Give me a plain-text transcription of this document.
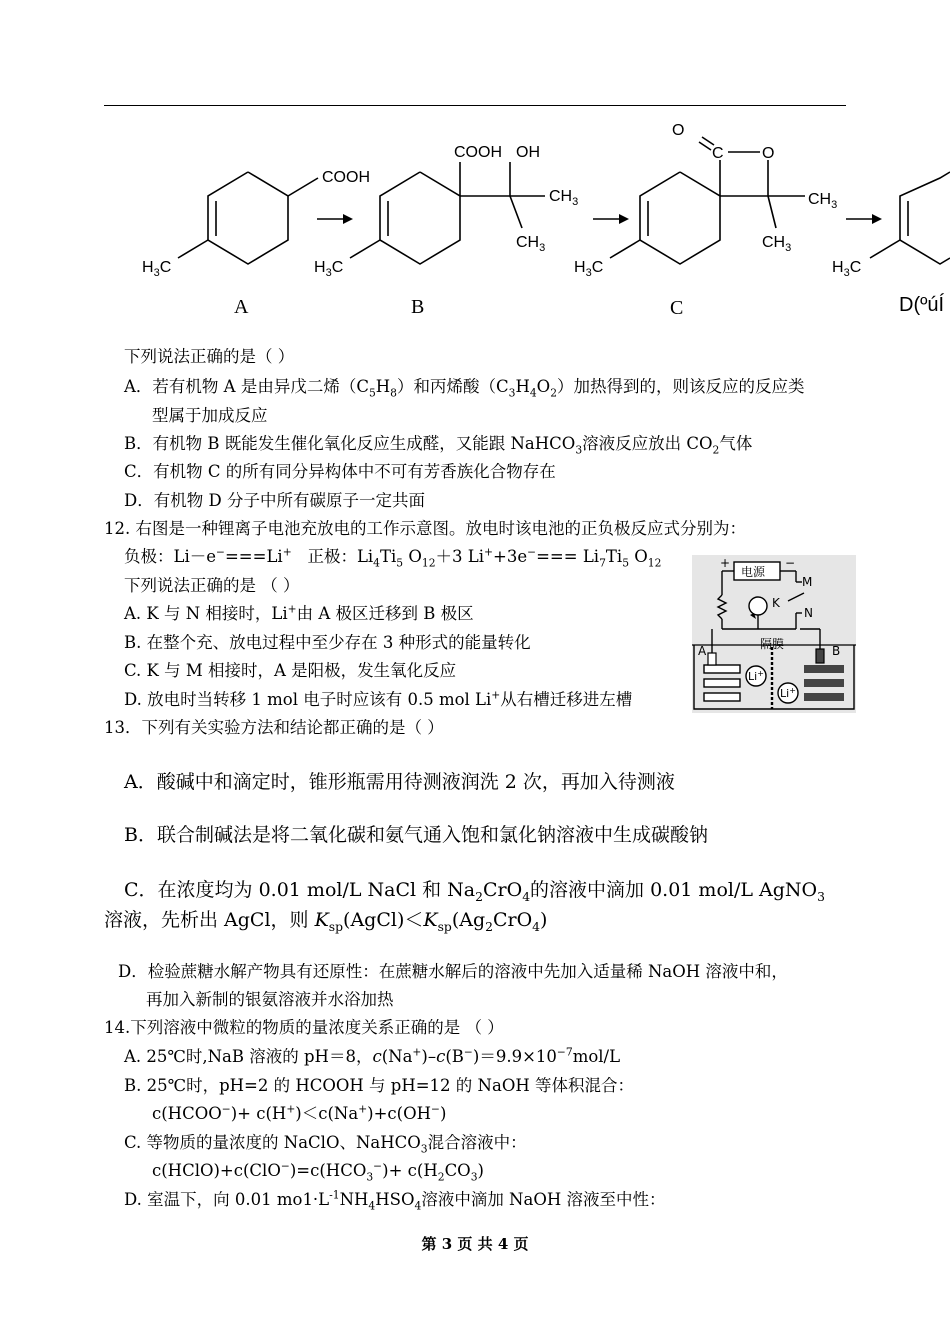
COOH
$H_3C$
COOH OH
$CH_3$
$CH_3$
$H_3C$
O
C O
$CH_3$
$CH_3$
$H_3C$	$H_3C$
A	B	C	D(ºúÍ
下列说法正确的是（ ）
A．若有机物 A 是由异戊二烯$(C_5H_8)$和丙烯酸$(C_3H_4O_2)$加热得到的，则该反应的反应类
型属于加成反应
B．有机物 B 既能发生催化氧化反应生成醛，又能跟 NaHCO$_3$溶液反应放出 $CO_2$气体
C．有机物 C 的所有同分异构体中不可有芳香族化合物存在
D．有机物 D 分子中所有碳原子一定共面
12. 右图是一种锂离子电池充放电的工作示意图。放电时该电池的正负极反应式分别为：
负极：Li－e−===Li+ 正极：$Li_4Ti_5$ $O_{12}+3$ $Li^++3e^-=== Li_7Ti_5$ $O_{12}$
下列说法正确的是 （ ）
A. K 与 N 相接时，Li+由 A 极区迁移到 B 极区
B. 在整个充、放电过程中至少存在 3 种形式的能量转化
C. K 与 M 相接时，A 是阳极，发生氧化反应
D. 放电时当转移 1 mol 电子时应该有 0.5 mol Li+从右槽迁移进左槽
电源
+	−
M
K
N
隔膜
A	B
Li+
Li+
13．下列有关实验方法和结论都正确的是（ ）
A．酸碱中和滴定时，锥形瓶需用待测液润洗 2 次，再加入待测液
B．联合制碱法是将二氧化碳和氨气通入饱和氯化钠溶液中生成碳酸钠
C．在浓度均为 0.01 mol/L NaCl 和 $Na_2CrO_4$的溶液中滴加 0.01 mol/L AgNO$_3$
溶液，先析出 AgCl，则 $K_{sp}(AgCl)<K_{sp}(Ag_2CrO_4)$
D．检验蔗糖水解产物具有还原性：在蔗糖水解后的溶液中先加入适量稀 NaOH 溶液中和，
再加入新制的银氨溶液并水浴加热
14.下列溶液中微粒的物质的量浓度关系正确的是 （ ）
A. 25℃时,NaB 溶液的 pH＝8，$c(Na^+)-c(B^-)=9.9\times 10^{-7}mol/L$
B. 25℃时，pH=2 的 HCOOH 与 pH=12 的 NaOH 等体积混合：
c(HCOO−)+ c(H+)＜c(Na+)+c(OH−)
C. 等物质的量浓度的 NaClO、NaHCO$_3$混合溶液中：
$c(HClO)+c(ClO^-)=c(HCO_3^-)+ c(H_2CO_3)$
D. 室温下，向 0.01 $mo1\cdot L^{-1}NH_4HSO_4$溶液中滴加 NaOH 溶液至中性：
第 3 页 共 4 页
